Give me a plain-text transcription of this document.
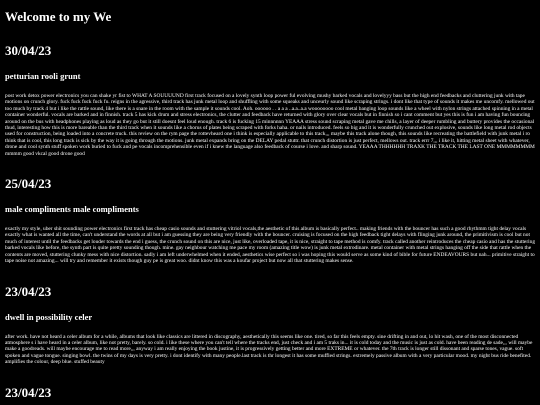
Welcome to my We
30/04/23
petturian rooli grunt

post work detox power electronics you can shake yr fist to WHAT A SOUUUUND first track focused on a lovely synth loop power ful evolving mushy barked vocals and lovelyyy bass but the high end feedbacks and cluttering junk with tape motions on crunch glory. fuck fuck fuck fuck fu. reigns in the agressive, third track has junk metal loop and shuffling with some squeaks and unceurly sound like scraping strings. i dont like that type of sounds it makes me uncomfy. mellowed out too much by track 4 but i like the rattle sound, like there is a snare in the room with the sample it sounds cool. Aoh. oooooo . . a a a ..a.a..a.a woooooooo cool metal banging loop sounds like a wheel with nylon strings attached spinning in a metal container wonderful. vocals are barked and in finnish. track 5 has kick drum and stress electronics, the clutter and feedback have returned with glory over clear vocals but in finnish so i cant comment but yes this is fun i am having fun bouncing around on the bus with headphones playing as loud as they go but it still doesnt feel loud enough. track 6 is fucking 15 minnnnnn YEAAA stress sound scraping metal gave me chills, a layer of deeper rumbling and buttery provides the occasional thud, interesting how this is more bareable than the third track when it sounds like a chorus of plates being scraped with forks haha. or nails introduced. feels so big and it is wonderfully crunched out explosive, sounds like long metal rod objects used for construction, being loaded into a concrete truck. this review on the rym page the rottevheard one i think is especially applicable to this track,,, maybe this track alone though, this sounds like recreating the battlefield with junk metal i ro think that is cool, this long track is sick by the way it is going through the motions. junk metal expands bring on the DELAY pedal stuttr. that crunch distortion is just perfect, mellows out. track errr 7,,, i like it, hitting metal sheet with whatever, drone and cool synth stuff spoken work buried to fuck and pe vocals incomprehensible even if i knew the language also feedback of course i love. and sharp sound. YEAAA THHHHHH TRAXK THE TRACK THE LAST ONE MMMMMMMM mmmm good vkcal good drone good

25/04/23
male compliments male compliments

exactly my style, uber shit sounding power electronics first track has cheap casio sounds and stuttering vitriol vocals,the aesthetic of this album is basically perfect.. making friends with the bouncer has such a good rhythmm tight delay vocals exactly what is wanted all the time, can't understand the words at all but i am guessing they are being very friendly with the bouncer. cruising is focused on the high feedback tight delays with flinging junk around, the primitivism is cool but not much of interest until the feedbacks get louder towards the end i guess, the crunch sound on this are nice, just like, overloaded tape, it is nice, straight to tape method is comfy. track called another reintroduces the cheap casio and has the stuttering barked vocals like before, the synth part is quite pretty sounding though. mine. gay neighbour watching me pace my room (amazing title wow) is junk metal extrodinare. metal container with metal strings hanging off the side that rattle when the contents are moved, stuttering clunky mess with nice distortion. sadly i am left underwhelmed when it ended, aesthetics wise perfect so i was hoping this would serve as some kind of bible for future ENDEAVOURS but nah... primitive straight to tape noise not amazing... will try and remember it exists though guy pe is great woo. didnt know this was a koufar project but now all that stuttering makes sense.

23/04/23
dwell in possibility celer

after work. have not heard a celer album for a while, albums that look like classics are littered in discography, aesthetically this seems like one. tired, so far this feels empty. sine drifting in and out, lo hit wash, one of the most disconnected atmosphere s i have heard in a celer album, like not pretty, barely. so cold. i like these where you can't tell where the tracks end, just check and i am 5 traks in... it is cold today and the music is just as cold. have been reading de sade,,, will maybe make a goodreads. will maybe encourage me to read more,,, anyway i am really enjoying the book justine, it is progressively getting better and more EXTREME or whatever. the 7th track is longer still dissonant and sparse tones, vague. soft spoken and vague tongue. singing bowl. the twins of my days is very pretty. i dont identify with many people.last track is thr longest it has some muffled strings. extremely passive album with a very particular mood. my night bus ride benefited. amplifies the colour, deep blue. stuffed beauty

23/04/23
